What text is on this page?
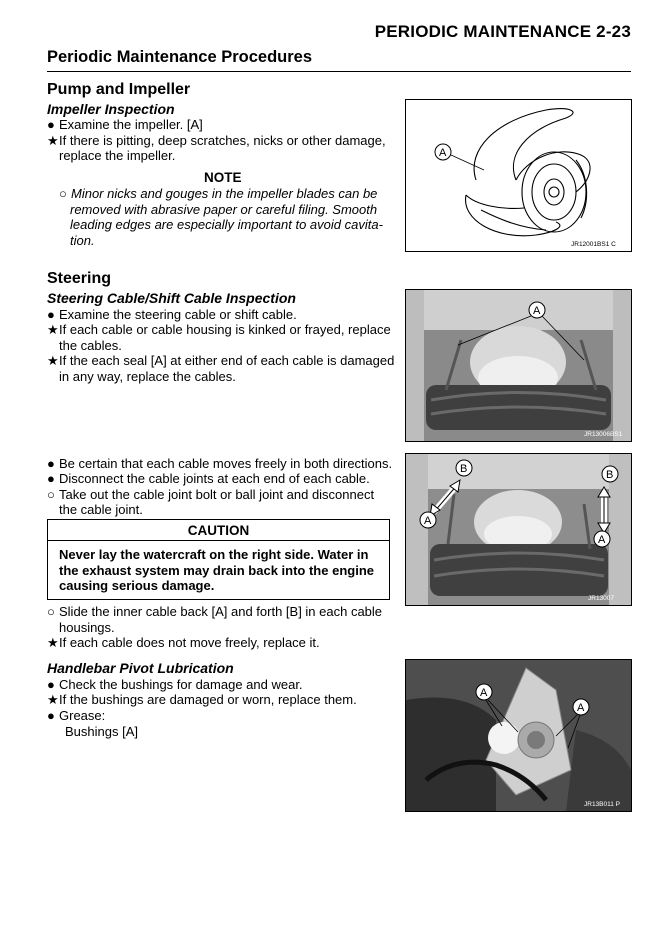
PERIODIC MAINTENANCE 2-23
Periodic Maintenance Procedures
Pump and Impeller
Impeller Inspection
● Examine the impeller. [A]
★If there is pitting, deep scratches, nicks or other damage,
replace the impeller.
NOTE
○ Minor nicks and gouges in the impeller blades can be
removed with abrasive paper or careful filing. Smooth
leading edges are especially important to avoid cavita-
tion.
A
JR12001BS1 C
Steering
Steering Cable/Shift Cable Inspection
● Examine the steering cable or shift cable.
★If each cable or cable housing is kinked or frayed, replace
the cables.
★If the each seal [A] at either end of each cable is damaged
in any way, replace the cables.
A
JR13006BS1
● Be certain that each cable moves freely in both directions.
● Disconnect the cable joints at each end of each cable.
○ Take out the cable joint bolt or ball joint and disconnect
the cable joint.
CAUTION
Never lay the watercraft on the right side. Water in
the exhaust system may drain back into the engine
causing serious damage.
○ Slide the inner cable back [A] and forth [B] in each cable
housings.
★If each cable does not move freely, replace it.
B	B
A
A
JR13007
Handlebar Pivot Lubrication
● Check the bushings for damage and wear.
★If the bushings are damaged or worn, replace them.
● Grease:
Bushings [A]
A
A
JR13B011 P
